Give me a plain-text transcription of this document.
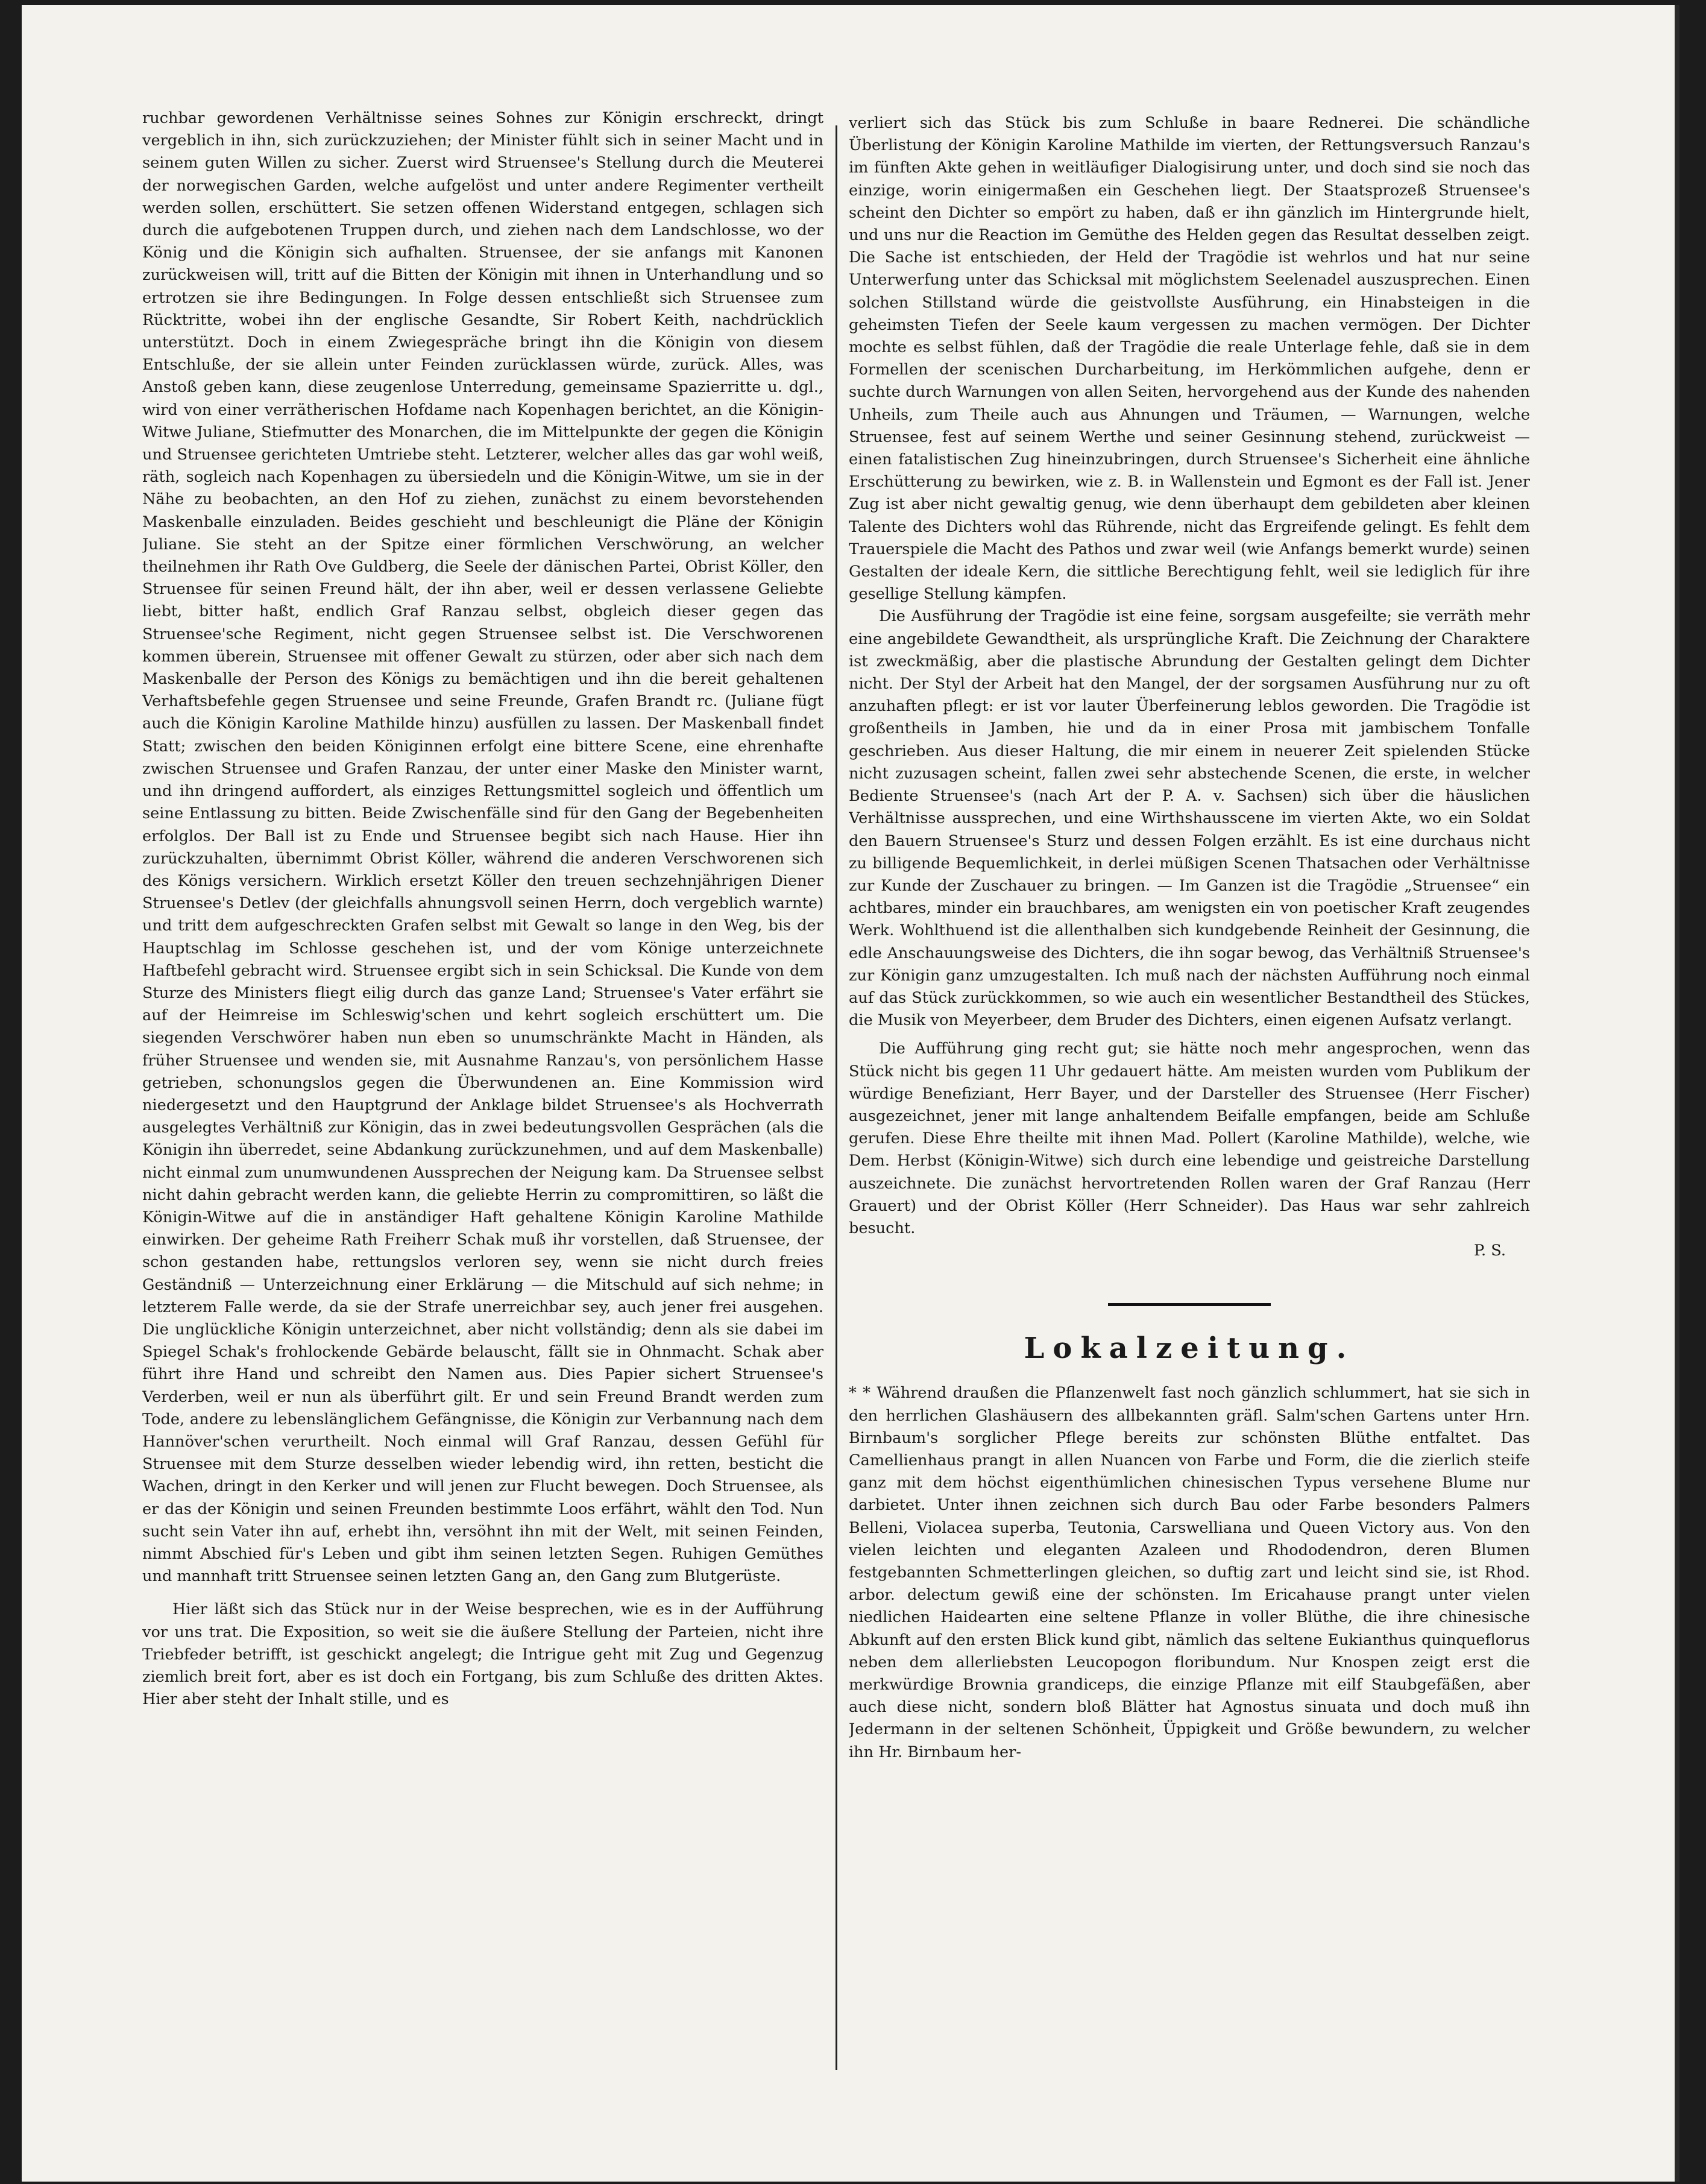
ruchbar gewordenen Verhältnisse seines Sohnes zur Königin erschreckt, dringt vergeblich in ihn, sich zurückzuziehen; der Minister fühlt sich in seiner Macht und in seinem guten Willen zu sicher. Zuerst wird Struensee's Stellung durch die Meuterei der norwegischen Garden, welche aufgelöst und unter andere Regimenter vertheilt werden sollen, erschüttert. Sie setzen offenen Widerstand entgegen, schlagen sich durch die aufgebotenen Truppen durch, und ziehen nach dem Landschlosse, wo der König und die Königin sich aufhalten. Struensee, der sie anfangs mit Kanonen zurückweisen will, tritt auf die Bitten der Königin mit ihnen in Unterhandlung und so ertrotzen sie ihre Bedingungen. In Folge dessen entschließt sich Struensee zum Rücktritte, wobei ihn der englische Gesandte, Sir Robert Keith, nachdrücklich unterstützt. Doch in einem Zwiegespräche bringt ihn die Königin von diesem Entschluße, der sie allein unter Feinden zurücklassen würde, zurück. Alles, was Anstoß geben kann, diese zeugenlose Unterredung, gemeinsame Spazierritte u. dgl., wird von einer verrätherischen Hofdame nach Kopenhagen berichtet, an die Königin-Witwe Juliane, Stiefmutter des Monarchen, die im Mittelpunkte der gegen die Königin und Struensee gerichteten Umtriebe steht. Letzterer, welcher alles das gar wohl weiß, räth, sogleich nach Kopenhagen zu übersiedeln und die Königin-Witwe, um sie in der Nähe zu beobachten, an den Hof zu ziehen, zunächst zu einem bevorstehenden Maskenballe einzuladen. Beides geschieht und beschleunigt die Pläne der Königin Juliane. Sie steht an der Spitze einer förmlichen Verschwörung, an welcher theilnehmen ihr Rath Ove Guldberg, die Seele der dänischen Partei, Obrist Köller, den Struensee für seinen Freund hält, der ihn aber, weil er dessen verlassene Geliebte liebt, bitter haßt, endlich Graf Ranzau selbst, obgleich dieser gegen das Struensee'sche Regiment, nicht gegen Struensee selbst ist. Die Verschworenen kommen überein, Struensee mit offener Gewalt zu stürzen, oder aber sich nach dem Maskenballe der Person des Königs zu bemächtigen und ihn die bereit gehaltenen Verhaftsbefehle gegen Struensee und seine Freunde, Grafen Brandt rc. (Juliane fügt auch die Königin Karoline Mathilde hinzu) ausfüllen zu lassen. Der Maskenball findet Statt; zwischen den beiden Königinnen erfolgt eine bittere Scene, eine ehrenhafte zwischen Struensee und Grafen Ranzau, der unter einer Maske den Minister warnt, und ihn dringend auffordert, als einziges Rettungsmittel sogleich und öffentlich um seine Entlassung zu bitten. Beide Zwischenfälle sind für den Gang der Begebenheiten erfolglos. Der Ball ist zu Ende und Struensee begibt sich nach Hause. Hier ihn zurückzuhalten, übernimmt Obrist Köller, während die anderen Verschworenen sich des Königs versichern. Wirklich ersetzt Köller den treuen sechzehnjährigen Diener Struensee's Detlev (der gleichfalls ahnungsvoll seinen Herrn, doch vergeblich warnte) und tritt dem aufgeschreckten Grafen selbst mit Gewalt so lange in den Weg, bis der Hauptschlag im Schlosse geschehen ist, und der vom Könige unterzeichnete Haftbefehl gebracht wird. Struensee ergibt sich in sein Schicksal. Die Kunde von dem Sturze des Ministers fliegt eilig durch das ganze Land; Struensee's Vater erfährt sie auf der Heimreise im Schleswig'schen und kehrt sogleich erschüttert um. Die siegenden Verschwörer haben nun eben so unumschränkte Macht in Händen, als früher Struensee und wenden sie, mit Ausnahme Ranzau's, von persönlichem Hasse getrieben, schonungslos gegen die Überwundenen an. Eine Kommission wird niedergesetzt und den Hauptgrund der Anklage bildet Struensee's als Hochverrath ausgelegtes Verhältniß zur Königin, das in zwei bedeutungsvollen Gesprächen (als die Königin ihn überredet, seine Abdankung zurückzunehmen, und auf dem Maskenballe) nicht einmal zum unumwundenen Aussprechen der Neigung kam. Da Struensee selbst nicht dahin gebracht werden kann, die geliebte Herrin zu compromittiren, so läßt die Königin-Witwe auf die in anständiger Haft gehaltene Königin Karoline Mathilde einwirken. Der geheime Rath Freiherr Schak muß ihr vorstellen, daß Struensee, der schon gestanden habe, rettungslos verloren sey, wenn sie nicht durch freies Geständniß — Unterzeichnung einer Erklärung — die Mitschuld auf sich nehme; in letzterem Falle werde, da sie der Strafe unerreichbar sey, auch jener frei ausgehen. Die unglückliche Königin unterzeichnet, aber nicht vollständig; denn als sie dabei im Spiegel Schak's frohlockende Gebärde belauscht, fällt sie in Ohnmacht. Schak aber führt ihre Hand und schreibt den Namen aus. Dies Papier sichert Struensee's Verderben, weil er nun als überführt gilt. Er und sein Freund Brandt werden zum Tode, andere zu lebenslänglichem Gefängnisse, die Königin zur Verbannung nach dem Hannöver'schen verurtheilt. Noch einmal will Graf Ranzau, dessen Gefühl für Struensee mit dem Sturze desselben wieder lebendig wird, ihn retten, besticht die Wachen, dringt in den Kerker und will jenen zur Flucht bewegen. Doch Struensee, als er das der Königin und seinen Freunden bestimmte Loos erfährt, wählt den Tod. Nun sucht sein Vater ihn auf, erhebt ihn, versöhnt ihn mit der Welt, mit seinen Feinden, nimmt Abschied für's Leben und gibt ihm seinen letzten Segen. Ruhigen Gemüthes und mannhaft tritt Struensee seinen letzten Gang an, den Gang zum Blutgerüste.

Hier läßt sich das Stück nur in der Weise besprechen, wie es in der Aufführung vor uns trat. Die Exposition, so weit sie die äußere Stellung der Parteien, nicht ihre Triebfeder betrifft, ist geschickt angelegt; die Intrigue geht mit Zug und Gegenzug ziemlich breit fort, aber es ist doch ein Fortgang, bis zum Schluße des dritten Aktes. Hier aber steht der Inhalt stille, und es

verliert sich das Stück bis zum Schluße in baare Rednerei. Die schändliche Überlistung der Königin Karoline Mathilde im vierten, der Rettungsversuch Ranzau's im fünften Akte gehen in weitläufiger Dialogisirung unter, und doch sind sie noch das einzige, worin einigermaßen ein Geschehen liegt. Der Staatsprozeß Struensee's scheint den Dichter so empört zu haben, daß er ihn gänzlich im Hintergrunde hielt, und uns nur die Reaction im Gemüthe des Helden gegen das Resultat desselben zeigt. Die Sache ist entschieden, der Held der Tragödie ist wehrlos und hat nur seine Unterwerfung unter das Schicksal mit möglichstem Seelenadel auszusprechen. Einen solchen Stillstand würde die geistvollste Ausführung, ein Hinabsteigen in die geheimsten Tiefen der Seele kaum vergessen zu machen vermögen. Der Dichter mochte es selbst fühlen, daß der Tragödie die reale Unterlage fehle, daß sie in dem Formellen der scenischen Durcharbeitung, im Herkömmlichen aufgehe, denn er suchte durch Warnungen von allen Seiten, hervorgehend aus der Kunde des nahenden Unheils, zum Theile auch aus Ahnungen und Träumen, — Warnungen, welche Struensee, fest auf seinem Werthe und seiner Gesinnung stehend, zurückweist — einen fatalistischen Zug hineinzubringen, durch Struensee's Sicherheit eine ähnliche Erschütterung zu bewirken, wie z. B. in Wallenstein und Egmont es der Fall ist. Jener Zug ist aber nicht gewaltig genug, wie denn überhaupt dem gebildeten aber kleinen Talente des Dichters wohl das Rührende, nicht das Ergreifende gelingt. Es fehlt dem Trauerspiele die Macht des Pathos und zwar weil (wie Anfangs bemerkt wurde) seinen Gestalten der ideale Kern, die sittliche Berechtigung fehlt, weil sie lediglich für ihre gesellige Stellung kämpfen.

Die Ausführung der Tragödie ist eine feine, sorgsam ausgefeilte; sie verräth mehr eine angebildete Gewandtheit, als ursprüngliche Kraft. Die Zeichnung der Charaktere ist zweckmäßig, aber die plastische Abrundung der Gestalten gelingt dem Dichter nicht. Der Styl der Arbeit hat den Mangel, der der sorgsamen Ausführung nur zu oft anzuhaften pflegt: er ist vor lauter Überfeinerung leblos geworden. Die Tragödie ist großentheils in Jamben, hie und da in einer Prosa mit jambischem Tonfalle geschrieben. Aus dieser Haltung, die mir einem in neuerer Zeit spielenden Stücke nicht zuzusagen scheint, fallen zwei sehr abstechende Scenen, die erste, in welcher Bediente Struensee's (nach Art der P. A. v. Sachsen) sich über die häuslichen Verhältnisse aussprechen, und eine Wirthshausscene im vierten Akte, wo ein Soldat den Bauern Struensee's Sturz und dessen Folgen erzählt. Es ist eine durchaus nicht zu billigende Bequemlichkeit, in derlei müßigen Scenen Thatsachen oder Verhältnisse zur Kunde der Zuschauer zu bringen. — Im Ganzen ist die Tragödie „Struensee“ ein achtbares, minder ein brauchbares, am wenigsten ein von poetischer Kraft zeugendes Werk. Wohlthuend ist die allenthalben sich kundgebende Reinheit der Gesinnung, die edle Anschauungsweise des Dichters, die ihn sogar bewog, das Verhältniß Struensee's zur Königin ganz umzugestalten. Ich muß nach der nächsten Aufführung noch einmal auf das Stück zurückkommen, so wie auch ein wesentlicher Bestandtheil des Stückes, die Musik von Meyerbeer, dem Bruder des Dichters, einen eigenen Aufsatz verlangt.

Die Aufführung ging recht gut; sie hätte noch mehr angesprochen, wenn das Stück nicht bis gegen 11 Uhr gedauert hätte. Am meisten wurden vom Publikum der würdige Benefiziant, Herr Bayer, und der Darsteller des Struensee (Herr Fischer) ausgezeichnet, jener mit lange anhaltendem Beifalle empfangen, beide am Schluße gerufen. Diese Ehre theilte mit ihnen Mad. Pollert (Karoline Mathilde), welche, wie Dem. Herbst (Königin-Witwe) sich durch eine lebendige und geistreiche Darstellung auszeichnete. Die zunächst hervortretenden Rollen waren der Graf Ranzau (Herr Grauert) und der Obrist Köller (Herr Schneider). Das Haus war sehr zahlreich besucht.

P. S.

Lokalzeitung.

* * Während draußen die Pflanzenwelt fast noch gänzlich schlummert, hat sie sich in den herrlichen Glashäusern des allbekannten gräfl. Salm'schen Gartens unter Hrn. Birnbaum's sorglicher Pflege bereits zur schönsten Blüthe entfaltet. Das Camellienhaus prangt in allen Nuancen von Farbe und Form, die die zierlich steife ganz mit dem höchst eigenthümlichen chinesischen Typus versehene Blume nur darbietet. Unter ihnen zeichnen sich durch Bau oder Farbe besonders Palmers Belleni, Violacea superba, Teutonia, Carswelliana und Queen Victory aus. Von den vielen leichten und eleganten Azaleen und Rhododendron, deren Blumen festgebannten Schmetterlingen gleichen, so duftig zart und leicht sind sie, ist Rhod. arbor. delectum gewiß eine der schönsten. Im Ericahause prangt unter vielen niedlichen Haidearten eine seltene Pflanze in voller Blüthe, die ihre chinesische Abkunft auf den ersten Blick kund gibt, nämlich das seltene Eukianthus quinqueflorus neben dem allerliebsten Leucopogon floribundum. Nur Knospen zeigt erst die merkwürdige Brownia grandiceps, die einzige Pflanze mit eilf Staubgefäßen, aber auch diese nicht, sondern bloß Blätter hat Agnostus sinuata und doch muß ihn Jedermann in der seltenen Schönheit, Üppigkeit und Größe bewundern, zu welcher ihn Hr. Birnbaum her-
